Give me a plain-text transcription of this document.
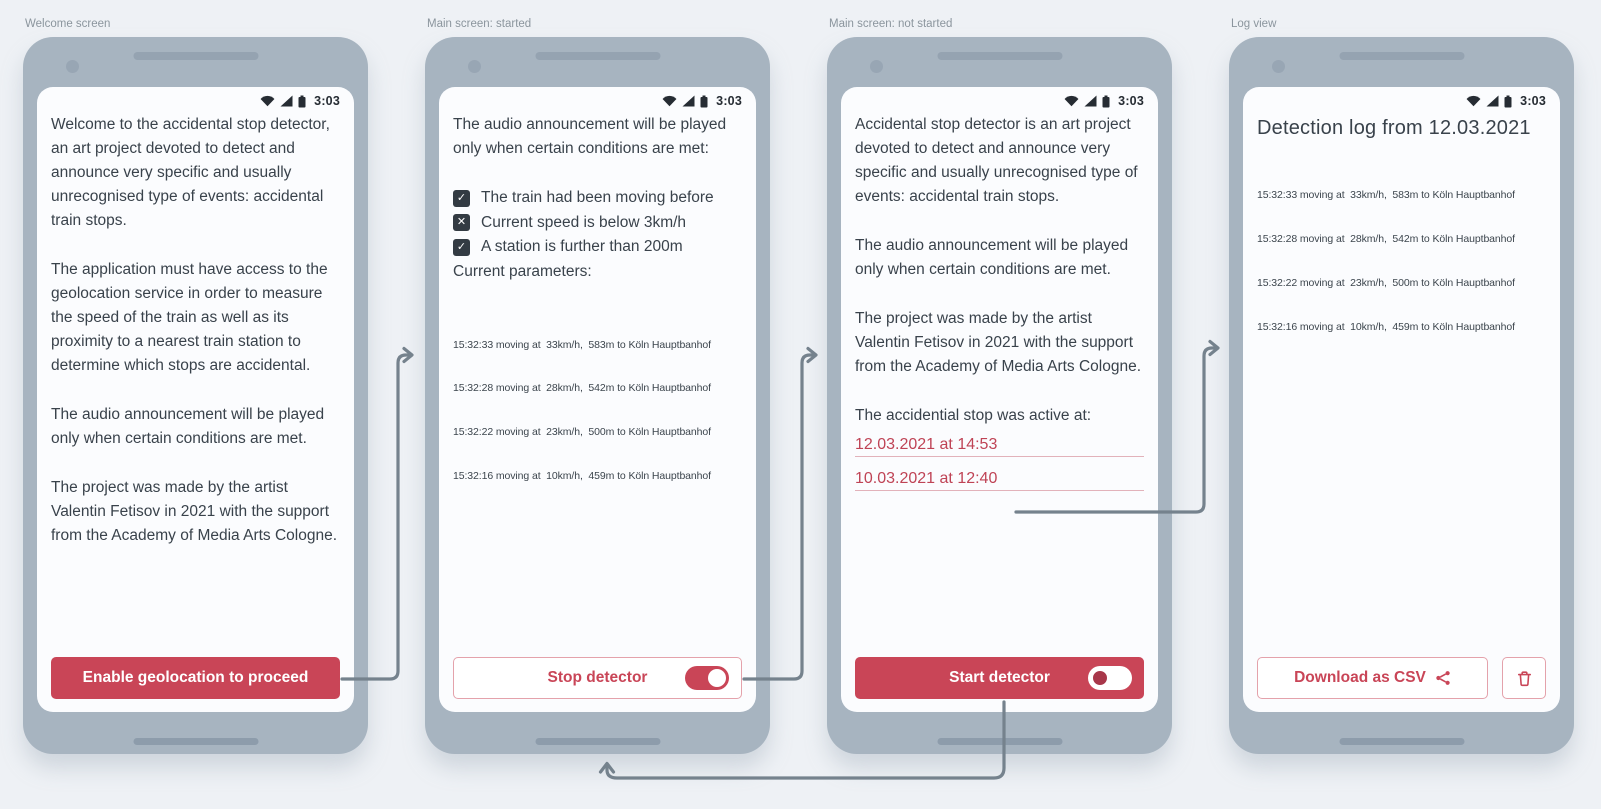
Welcome screen
3:03

Welcome to the accidental stop detector, an art project devoted to detect and announce very specific and usually unrecognised type of events: accidental train stops.

The application must have access to the geolocation service in order to measure the speed of the train as well as its proximity to a nearest train station to determine which stops are accidental.

The audio announcement will be played only when certain conditions are met.

The project was made by the artist Valentin Fetisov in 2021 with the support from the Academy of Media Arts Cologne.

Enable geolocation to proceed
Main screen: started
3:03

The audio announcement will be played only when certain conditions are met:

✓ The train had been moving before
✕ Current speed is below 3km/h
✓ A station is further than 200m

Current parameters:

15:32:33 moving at  33km/h,  583m to Köln Hauptbanhof

15:32:28 moving at  28km/h,  542m to Köln Hauptbanhof

15:32:22 moving at  23km/h,  500m to Köln Hauptbanhof

15:32:16 moving at  10km/h,  459m to Köln Hauptbanhof

Stop detector
Main screen: not started
3:03

Accidental stop detector is an art project devoted to detect and announce very specific and usually unrecognised type of events: accidental train stops.

The audio announcement will be played only when certain conditions are met.

The project was made by the artist Valentin Fetisov in 2021 with the support from the Academy of Media Arts Cologne.

The accidential stop was active at:
12.03.2021 at 14:53
10.03.2021 at 12:40
Start detector
Log view
3:03
Detection log from 12.03.2021

15:32:33 moving at  33km/h,  583m to Köln Hauptbanhof

15:32:28 moving at  28km/h,  542m to Köln Hauptbanhof

15:32:22 moving at  23km/h,  500m to Köln Hauptbanhof

15:32:16 moving at  10km/h,  459m to Köln Hauptbanhof

Download as CSV
